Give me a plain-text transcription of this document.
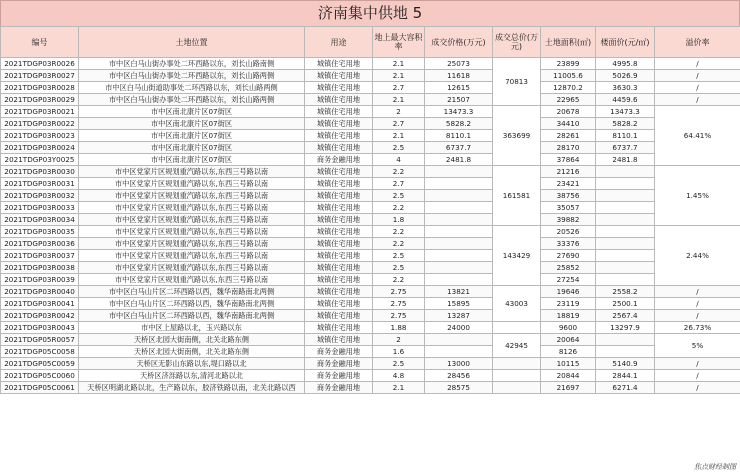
济南集中供地 5
编号	土地位置	用途	地上最大容积率	成交价格(万元)	成交总价(万元)	土地面积(㎡)	楼面价(元/㎡)	溢价率
2021TDGP03R0026	市中区白马山街办事处二环西路以东，刘长山路南侧	城镇住宅用地	2.1	25073	70813	23899	4995.8	/
2021TDGP03R0027	市中区白马山街办事处二环西路以东，刘长山路两侧	城镇住宅用地	2.1	11618		11005.6	5026.9	/
2021TDGP03R0028	市中区白马山街道助事处二环西路以东，刘长山路两侧	城镇住宅用地	2.7	12615		12870.2	3630.3	/
2021TDGP03R0029	市中区白马山街办事处二环西路以东，刘长山路两侧	城镇住宅用地	2.1	21507		22965	4459.6	/
2021TDGP03R0021	市中区南北康片区07街区	城镇住宅用地	2	13473.3	363699	20678	13473.3	64.41%
2021TDGP03R0022	市中区南北康片区07街区	城镇住宅用地	2.7	5828.2		34410	5828.2	
2021TDGP03R0023	市中区南北康片区07街区	城镇住宅用地	2.1	8110.1		28261	8110.1	
2021TDGP03R0024	市中区南北康片区07街区	城镇住宅用地	2.5	6737.7		28170	6737.7	
2021TDGP03Y0025	市中区南北康片区07街区	商务金融用地	4	2481.8		37864	2481.8	
2021TDGP03R0030	市中区党家片区规划重汽路以东,东西三号路以南	城镇住宅用地	2.2		161581	21216		1.45%
2021TDGP03R0031	市中区党家片区规划重汽路以东,东西三号路以南	城镇住宅用地	2.7			23421		
2021TDGP03R0032	市中区党家片区规划重汽路以东,东西三号路以南	城镇住宅用地	2.5			38756		
2021TDGP03R0033	市中区党家片区规划重汽路以东,东西三号路以南	城镇住宅用地	2.2			35057		
2021TDGP03R0034	市中区党家片区规划重汽路以东,东西三号路以南	城镇住宅用地	1.8			39882		
2021TDGP03R0035	市中区党家片区规划重汽路以东,东西三号路以南	城镇住宅用地	2.2		143429	20526		2.44%
2021TDGP03R0036	市中区党家片区规划重汽路以东,东西三号路以南	城镇住宅用地	2.2			33376		
2021TDGP03R0037	市中区党家片区规划重汽路以东,东西三号路以南	城镇住宅用地	2.5			27690		
2021TDGP03R0038	市中区党家片区规划重汽路以东,东西三号路以南	城镇住宅用地	2.5			25852		
2021TDGP03R0039	市中区党家片区规划重汽路以东,东西三号路以南	城镇住宅用地	2.2			27254		
2021TDGP03R0040	市中区白马山片区二环西路以西，魏华南路南北两侧	城镇住宅用地	2.75	13821	43003	19646	2558.2	/
2021TDGP03R0041	市中区白马山片区二环西路以西，魏华南路南北两侧	城镇住宅用地	2.75	15895		23119	2500.1	/
2021TDGP03R0042	市中区白马山片区二环西路以西，魏华南路南北两侧	城镇住宅用地	2.75	13287		18819	2567.4	/
2021TDGP03R0043	市中区上屋路以北，玉兴路以东	城镇住宅用地	1.88	24000		9600	13297.9	26.73%
2021TDGP05R0057	天桥区北园大街南侧，北关北路东侧	城镇住宅用地	2		42945	20064		5%
2021TDGP05C0058	天桥区北园大街南侧，北关北路东侧	商务金融用地	1.6			8126		
2021TDGP05C0059	天桥区无影山东路以东,堤口路以北	商务金融用地	2.5	13000		10115	5140.9	/
2021TDGP05C0060	天桥区济泺路以东,清河北路以北	商务金融用地	4.8	28456		20844	2844.1	/
2021TDGP05C0061	天桥区明湖北路以北，生产路以东，胶济铁路以南，北关北路以西	商务金融用地	2.1	28575		21697	6271.4	/
焦点财经制图
